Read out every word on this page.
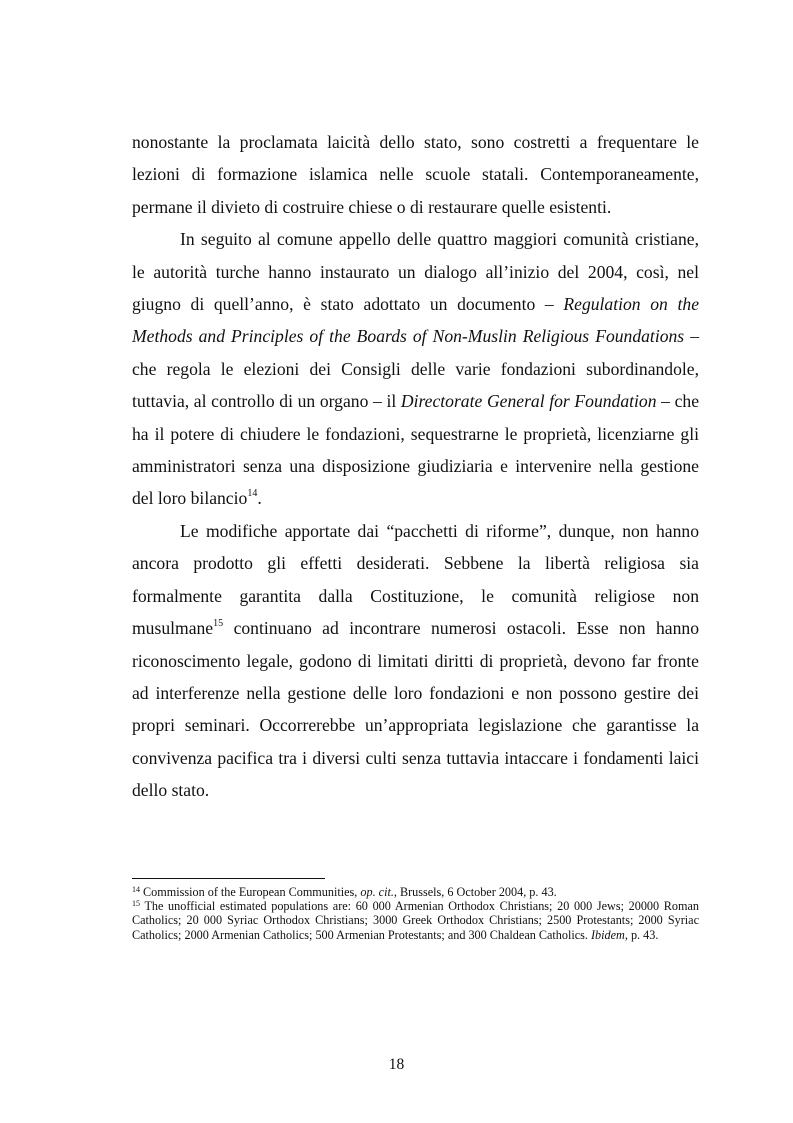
nonostante la proclamata laicità dello stato, sono costretti a frequentare le lezioni di formazione islamica nelle scuole statali. Contemporaneamente, permane il divieto di costruire chiese o di restaurare quelle esistenti.

In seguito al comune appello delle quattro maggiori comunità cristiane, le autorità turche hanno instaurato un dialogo all’inizio del 2004, così, nel giugno di quell’anno, è stato adottato un documento – Regulation on the Methods and Principles of the Boards of Non-Muslin Religious Foundations – che regola le elezioni dei Consigli delle varie fondazioni subordinandole, tuttavia, al controllo di un organo – il Directorate General for Foundation – che ha il potere di chiudere le fondazioni, sequestrarne le proprietà, licenziarne gli amministratori senza una disposizione giudiziaria e intervenire nella gestione del loro bilancio$^{14}$.

Le modifiche apportate dai “pacchetti di riforme”, dunque, non hanno ancora prodotto gli effetti desiderati. Sebbene la libertà religiosa sia formalmente garantita dalla Costituzione, le comunità religiose non musulmane$^{15}$ continuano ad incontrare numerosi ostacoli. Esse non hanno riconoscimento legale, godono di limitati diritti di proprietà, devono far fronte ad interferenze nella gestione delle loro fondazioni e non possono gestire dei propri seminari. Occorrerebbe un’appropriata legislazione che garantisse la convivenza pacifica tra i diversi culti senza tuttavia intaccare i fondamenti laici dello stato.

$^{14}$ Commission of the European Communities, op. cit., Brussels, 6 October 2004, p. 43.

$^{15}$ The unofficial estimated populations are: 60 000 Armenian Orthodox Christians; 20 000 Jews; 20000 Roman Catholics; 20 000 Syriac Orthodox Christians; 3000 Greek Orthodox Christians; 2500 Protestants; 2000 Syriac Catholics; 2000 Armenian Catholics; 500 Armenian Protestants; and 300 Chaldean Catholics. Ibidem, p. 43.

18
